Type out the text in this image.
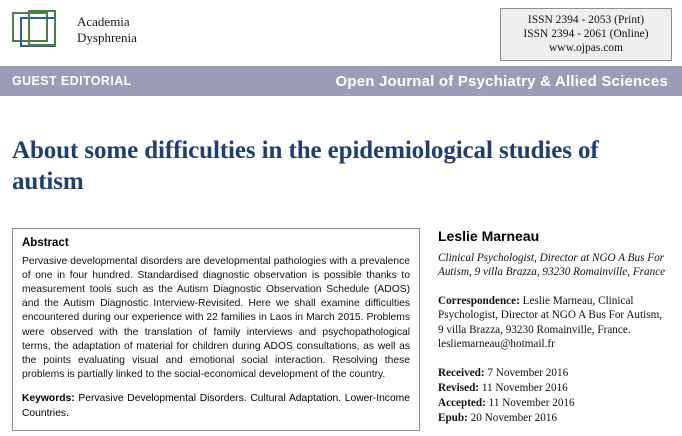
Academia
Dysphrenia
ISSN 2394 - 2053 (Print)
ISSN 2394 - 2061 (Online)
www.ojpas.com
GUEST EDITORIAL	Open Journal of Psychiatry & Allied Sciences
About some difficulties in the epidemiological studies of autism
Abstract
Pervasive developmental disorders are developmental pathologies with a prevalence of one in four hundred. Standardised diagnostic observation is possible thanks to measurement tools such as the Autism Diagnostic Observation Schedule (ADOS) and the Autism Diagnostic Interview-Revisited. Here we shall examine difficulties encountered during our experience with 22 families in Laos in March 2015. Problems were observed with the translation of family interviews and psychopathological terms, the adaptation of material for children during ADOS consultations, as well as the points evaluating visual and emotional social interaction. Resolving these problems is partially linked to the social-economical development of the country.
Keywords: Pervasive Developmental Disorders. Cultural Adaptation. Lower-Income Countries.
Leslie Marneau
Clinical Psychologist, Director at NGO A Bus For Autism, 9 villa Brazza, 93230 Romainville, France
Correspondence: Leslie Marneau, Clinical Psychologist, Director at NGO A Bus For Autism, 9 villa Brazza, 93230 Romainville, France. lesliemarneau@hotmail.fr
Received: 7 November 2016
Revised: 11 November 2016
Accepted: 11 November 2016
Epub: 20 November 2016
